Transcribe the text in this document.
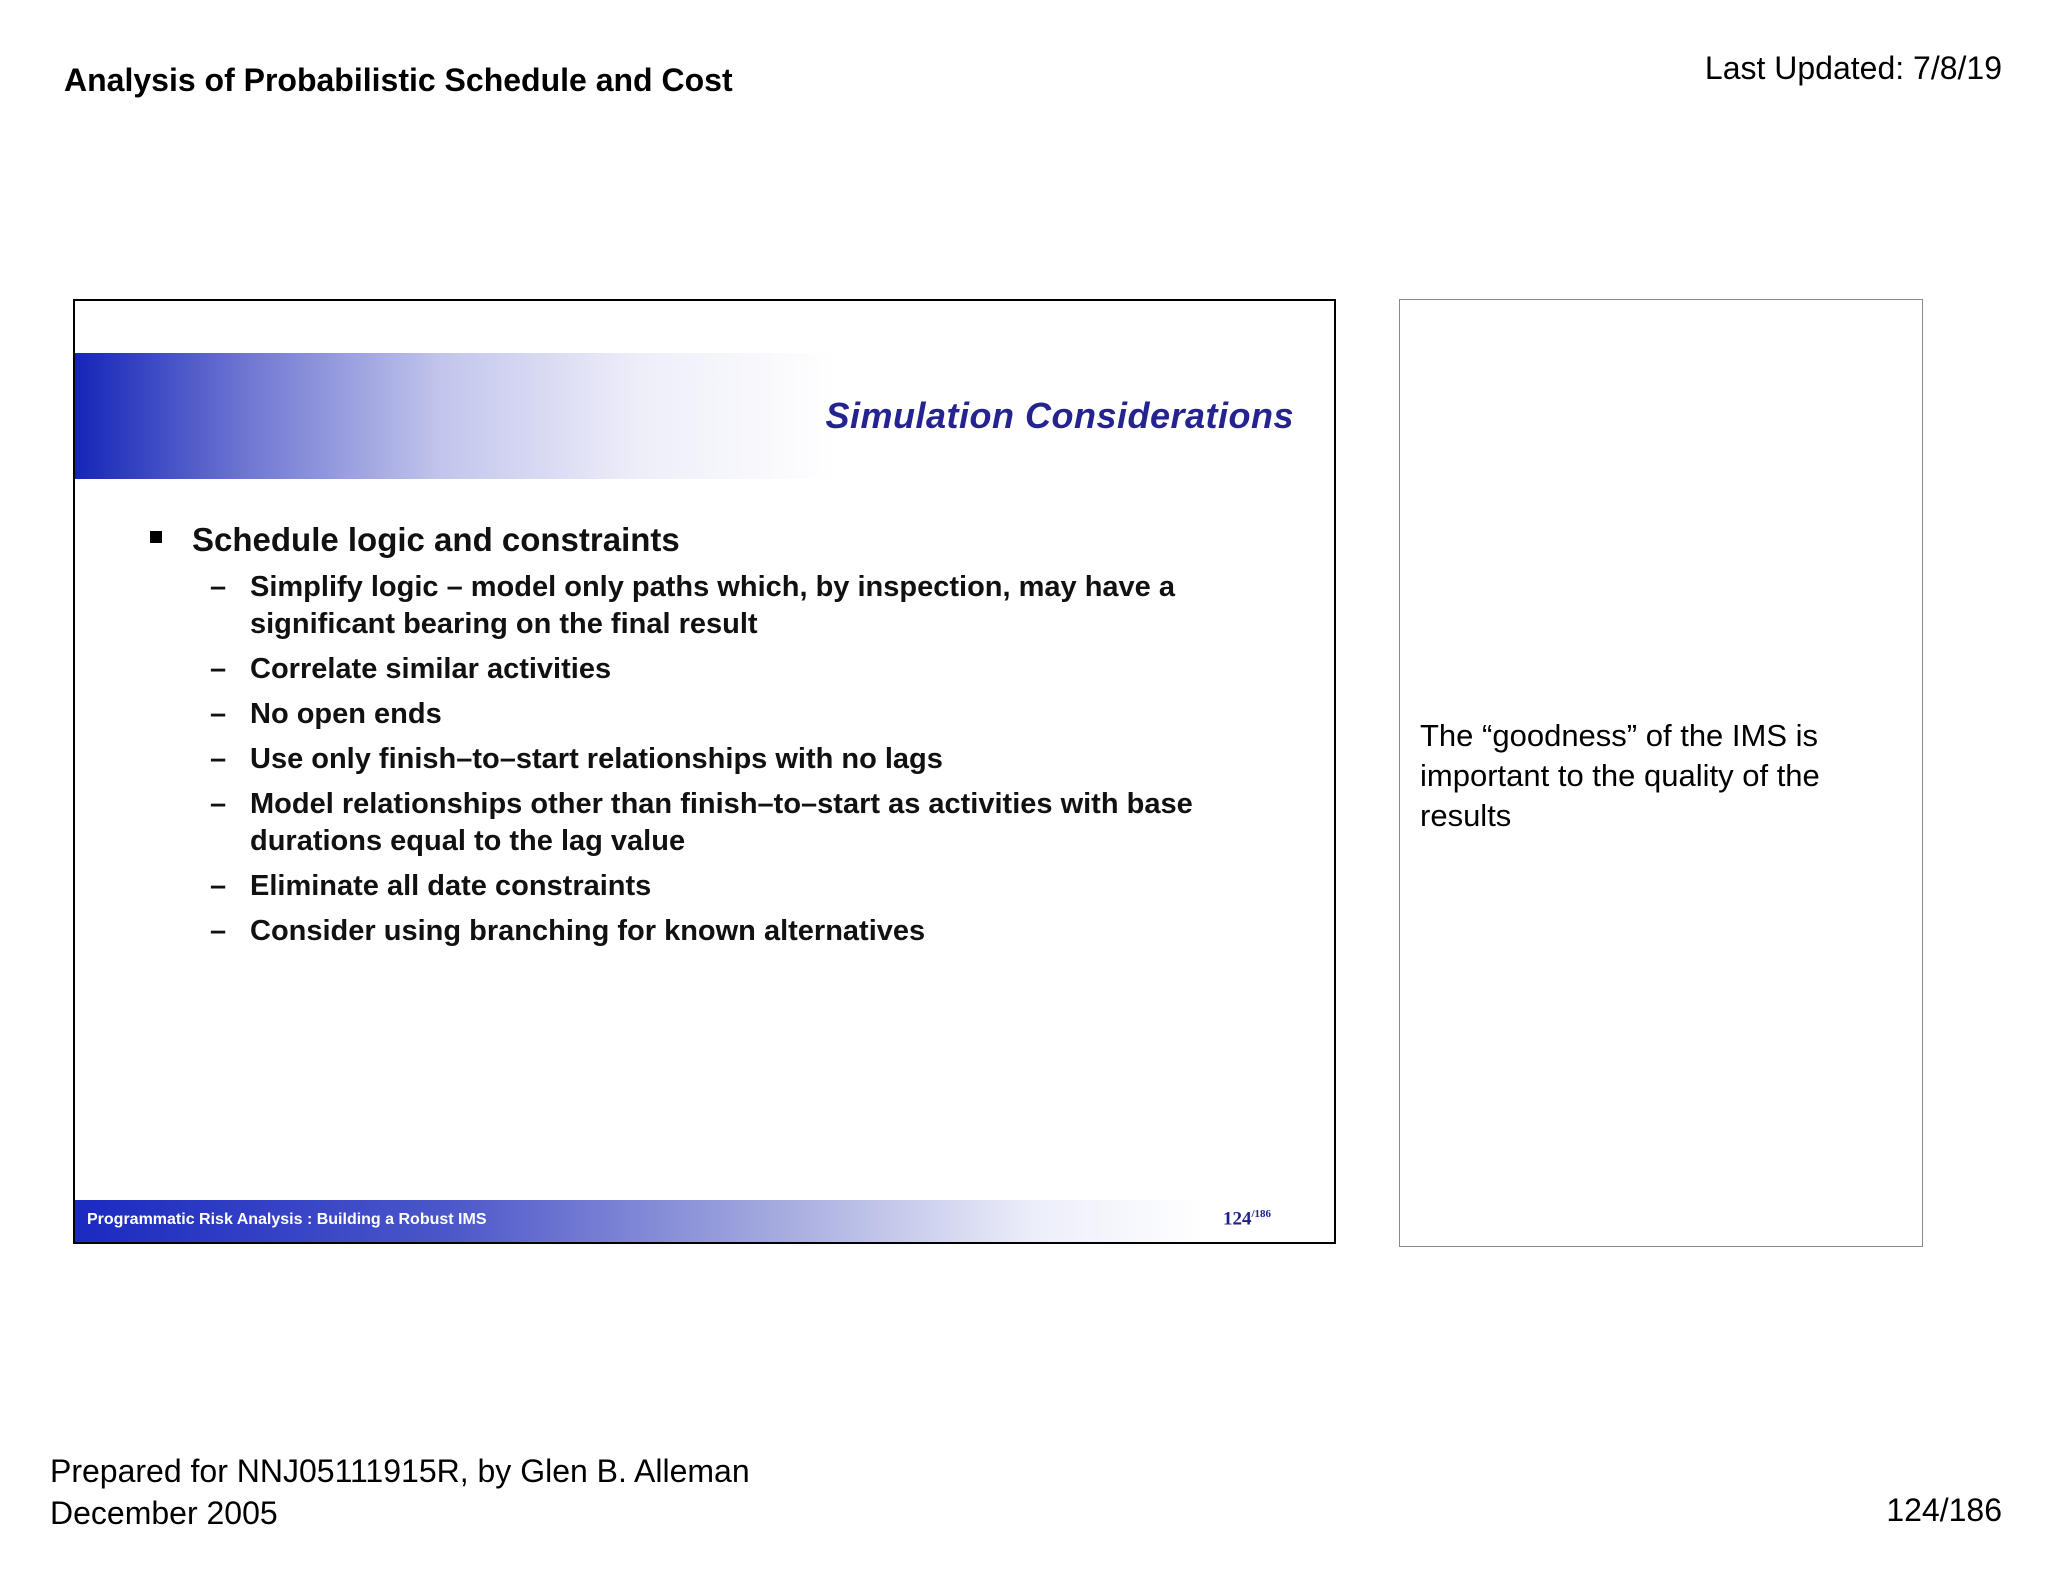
Analysis of Probabilistic Schedule and Cost	Last Updated: 7/8/19
Simulation Considerations
Schedule logic and constraints
– Simplify logic – model only paths which, by inspection, may have a significant bearing on the final result
– Correlate similar activities
– No open ends
– Use only finish–to–start relationships with no lags
– Model relationships other than finish–to–start as activities with base durations equal to the lag value
– Eliminate all date constraints
– Consider using branching for known alternatives
Programmatic Risk Analysis : Building a Robust IMS	$124^{/186}$
The “goodness” of the IMS is important to the quality of the results
Prepared for NNJ05111915R, by Glen B. Alleman
December 2005	124/186
